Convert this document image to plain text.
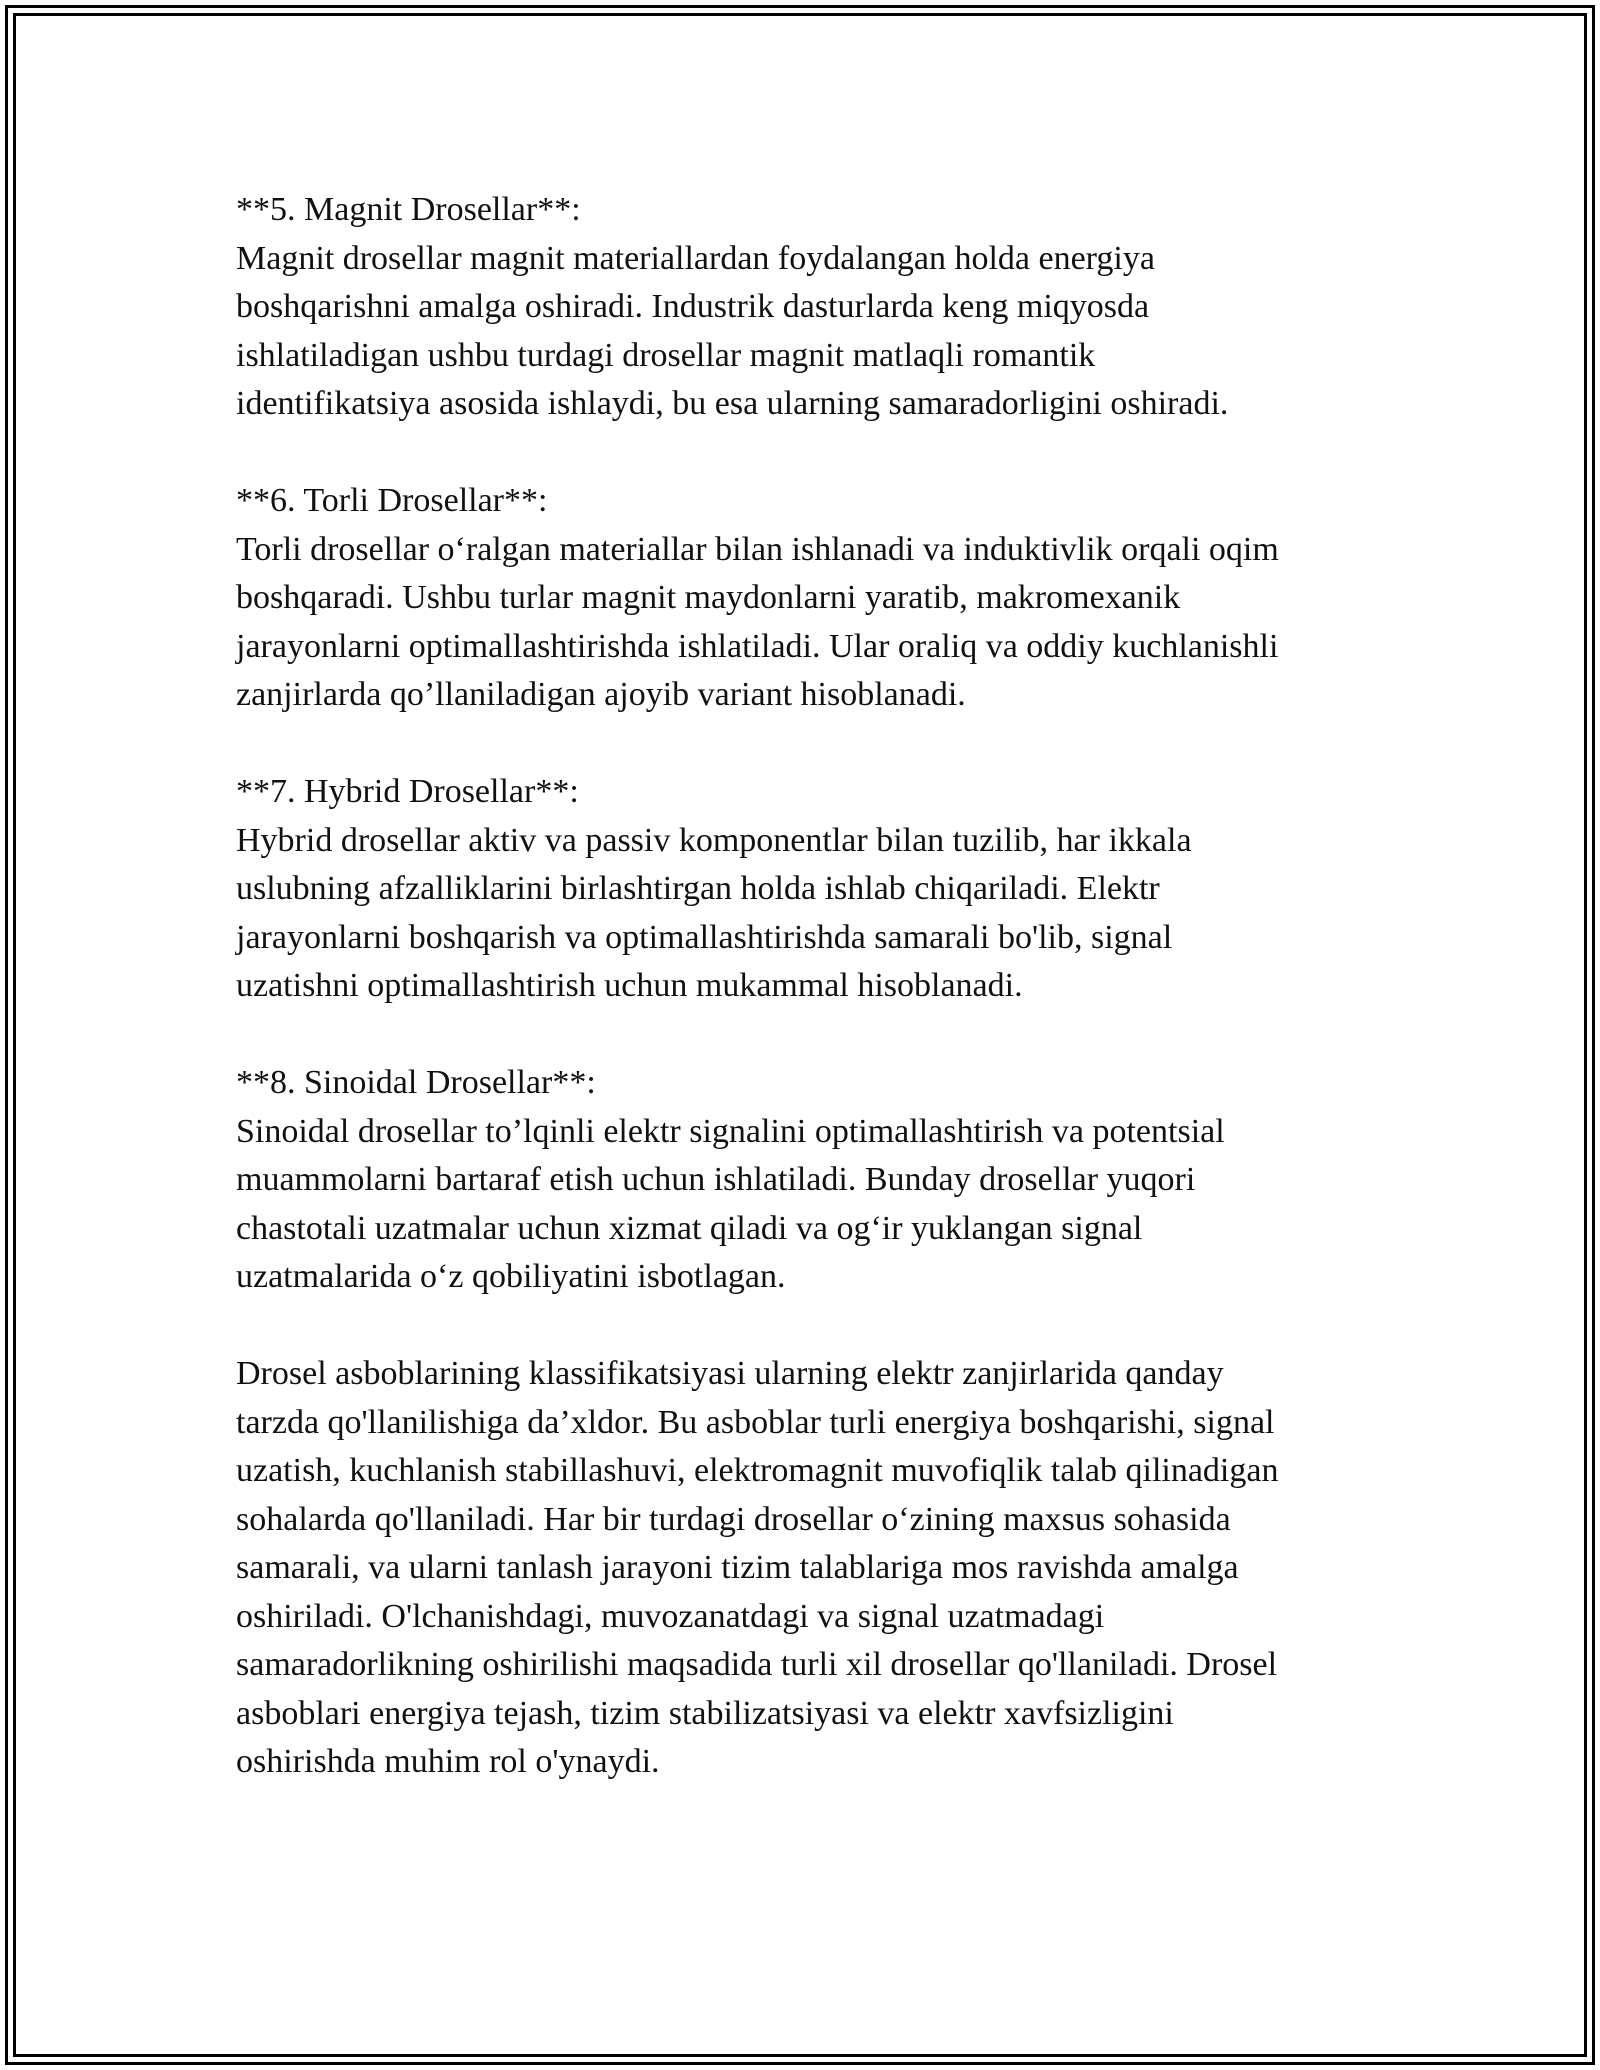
**5. Magnit Drosellar**:

Magnit drosellar magnit materiallardan foydalangan holda energiya
boshqarishni amalga oshiradi. Industrik dasturlarda keng miqyosda
ishlatiladigan ushbu turdagi drosellar magnit matlaqli romantik
identifikatsiya asosida ishlaydi, bu esa ularning samaradorligini oshiradi.

**6. Torli Drosellar**:

Torli drosellar o‘ralgan materiallar bilan ishlanadi va induktivlik orqali oqim
boshqaradi. Ushbu turlar magnit maydonlarni yaratib, makromexanik
jarayonlarni optimallashtirishda ishlatiladi. Ular oraliq va oddiy kuchlanishli
zanjirlarda qo’llaniladigan ajoyib variant hisoblanadi.

**7. Hybrid Drosellar**:

Hybrid drosellar aktiv va passiv komponentlar bilan tuzilib, har ikkala
uslubning afzalliklarini birlashtirgan holda ishlab chiqariladi. Elektr
jarayonlarni boshqarish va optimallashtirishda samarali bo'lib, signal
uzatishni optimallashtirish uchun mukammal hisoblanadi.

**8. Sinoidal Drosellar**:

Sinoidal drosellar to’lqinli elektr signalini optimallashtirish va potentsial
muammolarni bartaraf etish uchun ishlatiladi. Bunday drosellar yuqori
chastotali uzatmalar uchun xizmat qiladi va og‘ir yuklangan signal
uzatmalarida o‘z qobiliyatini isbotlagan.

Drosel asboblarining klassifikatsiyasi ularning elektr zanjirlarida qanday
tarzda qo'llanilishiga da’xldor. Bu asboblar turli energiya boshqarishi, signal
uzatish, kuchlanish stabillashuvi, elektromagnit muvofiqlik talab qilinadigan
sohalarda qo'llaniladi. Har bir turdagi drosellar o‘zining maxsus sohasida
samarali, va ularni tanlash jarayoni tizim talablariga mos ravishda amalga
oshiriladi. O'lchanishdagi, muvozanatdagi va signal uzatmadagi
samaradorlikning oshirilishi maqsadida turli xil drosellar qo'llaniladi. Drosel
asboblari energiya tejash, tizim stabilizatsiyasi va elektr xavfsizligini
oshirishda muhim rol o'ynaydi.
